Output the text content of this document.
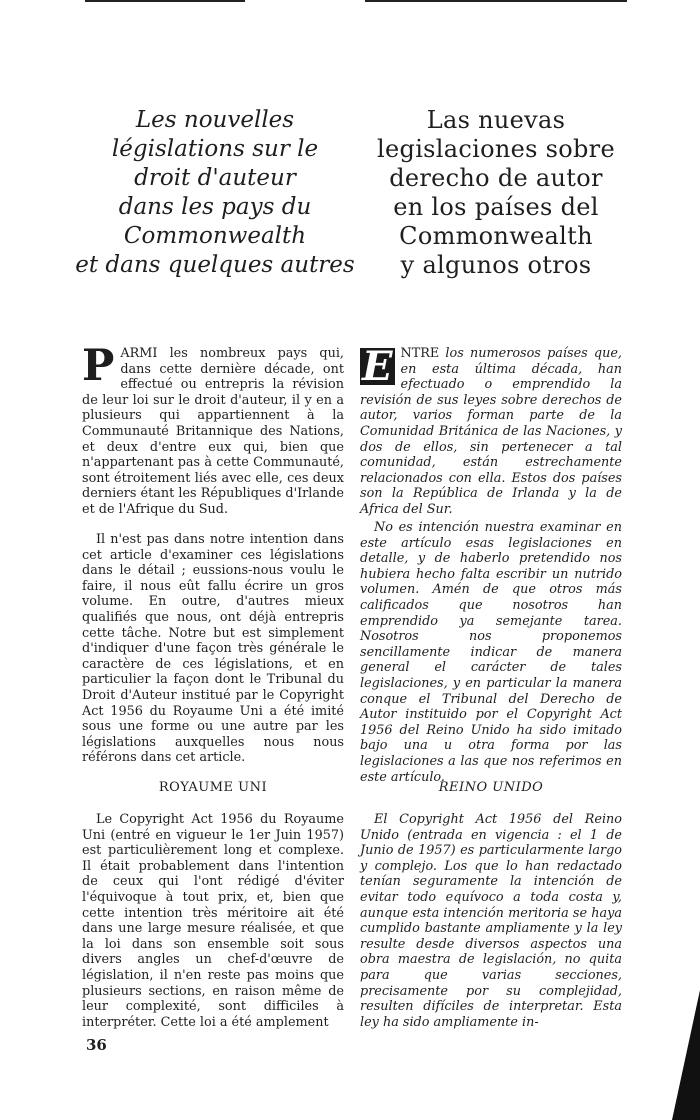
Les nouvelles
législations sur le
droit d'auteur
dans les pays du
Commonwealth
et dans quelques autres
Las nuevas
legislaciones sobre
derecho de autor
en los países del
Commonwealth
y algunos otros

PARMI les nombreux pays qui, dans cette dernière décade, ont effectué ou entrepris la révision de leur loi sur le droit d'auteur, il y en a plusieurs qui appartiennent à la Communauté Britannique des Nations, et deux d'entre eux qui, bien que n'appartenant pas à cette Communauté, sont étroitement liés avec elle, ces deux derniers étant les Républiques d'Irlande et de l'Afrique du Sud.

Il n'est pas dans notre intention dans cet article d'examiner ces législations dans le détail ; eussions-nous voulu le faire, il nous eût fallu écrire un gros volume. En outre, d'autres mieux qualifiés que nous, ont déjà entrepris cette tâche. Notre but est simplement d'indiquer d'une façon très générale le caractère de ces législations, et en particulier la façon dont le Tribunal du Droit d'Auteur institué par le Copyright Act 1956 du Royaume Uni a été imité sous une forme ou une autre par les législations auxquelles nous nous référons dans cet article.

ROYAUME UNI

Le Copyright Act 1956 du Royaume Uni (entré en vigueur le 1er Juin 1957) est particulièrement long et complexe. Il était probablement dans l'intention de ceux qui l'ont rédigé d'éviter l'équivoque à tout prix, et, bien que cette intention très méritoire ait été dans une large mesure réalisée, et que la loi dans son ensemble soit sous divers angles un chef-d'œuvre de législation, il n'en reste pas moins que plusieurs sections, en raison même de leur complexité, sont difficiles à interpréter. Cette loi a été amplement

E NTRE los numerosos países que, en esta última década, han efectuado o emprendido la revisión de sus leyes sobre derechos de autor, varios forman parte de la Comunidad Británica de las Naciones, y dos de ellos, sin pertenecer a tal comunidad, están estrechamente relacionados con ella. Estos dos países son la República de Irlanda y la de Africa del Sur.

No es intención nuestra examinar en este artículo esas legislaciones en detalle, y de haberlo pretendido nos hubiera hecho falta escribir un nutrido volumen. Amén de que otros más calificados que nosotros han emprendido ya semejante tarea. Nosotros nos proponemos sencillamente indicar de manera general el carácter de tales legislaciones, y en particular la manera conque el Tribunal del Derecho de Autor instituido por el Copyright Act 1956 del Reino Unido ha sido imitado bajo una u otra forma por las legislaciones a las que nos referimos en este artículo.

REINO UNIDO

El Copyright Act 1956 del Reino Unido (entrada en vigencia : el 1 de Junio de 1957) es particularmente largo y complejo. Los que lo han redactado tenían seguramente la intención de evitar todo equívoco a toda costa y, aunque esta intención meritoria se haya cumplido bastante ampliamente y la ley resulte desde diversos aspectos una obra maestra de legislación, no quita para que varias secciones, precisamente por su complejidad, resulten difíciles de interpretar. Esta ley ha sido ampliamente in-

36
